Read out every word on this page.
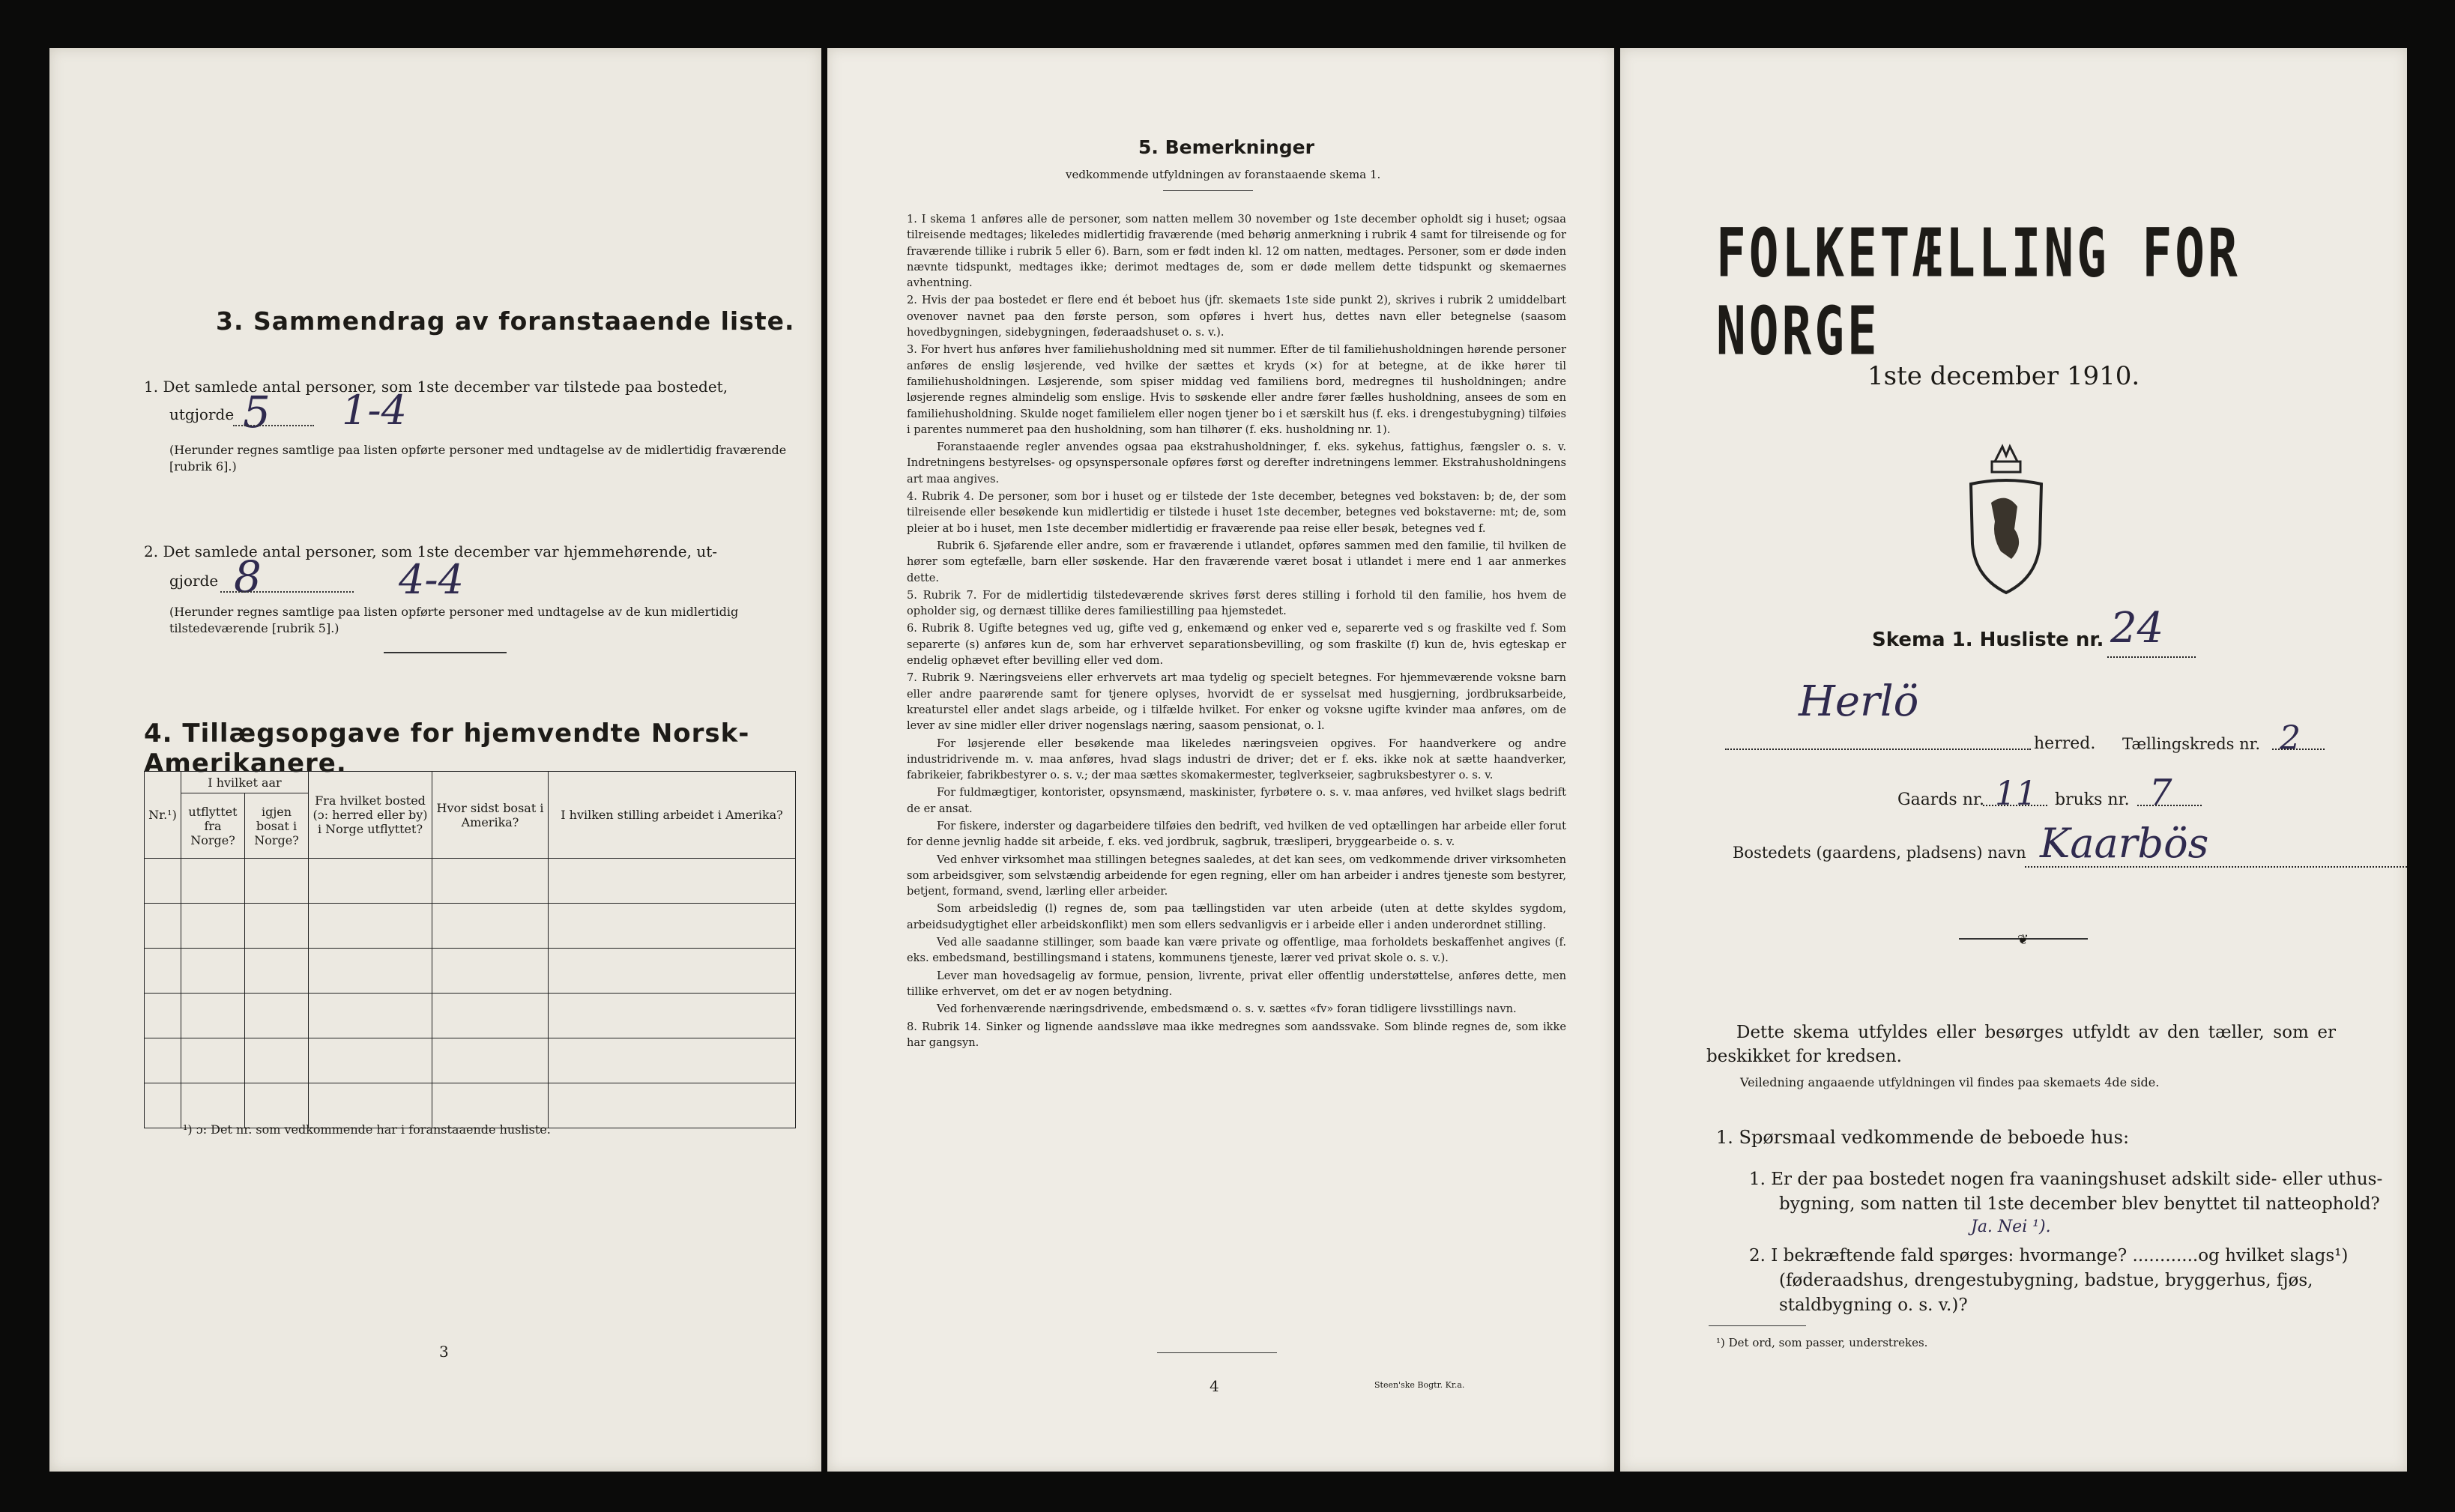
3. Sammendrag av foranstaaende liste.
1. Det samlede antal personer, som 1ste december var tilstede paa bostedet,
utgjorde 5 1-4
(Herunder regnes samtlige paa listen opførte personer med undtagelse av de midlertidig fraværende [rubrik 6].)
2. Det samlede antal personer, som 1ste december var hjemmehørende, ut-
gjorde 8	4-4
(Herunder regnes samtlige paa listen opførte personer med undtagelse av de kun midlertidig tilstedeværende [rubrik 5].)
4. Tillægsopgave for hjemvendte Norsk-Amerikanere.
Nr.¹)	I hvilket aar		Fra hvilket bosted (ɔ: herred eller by) i Norge utflyttet?	Hvor sidst bosat i Amerika?	I hvilken stilling arbeidet i Amerika?
	utflyttet fra Norge?	igjen bosat i Norge?			

¹) ɔ: Det nr. som vedkommende har i foranstaaende husliste.
3
5. Bemerkninger
vedkommende utfyldningen av foranstaaende skema 1.

1. I skema 1 anføres alle de personer, som natten mellem 30 november og 1ste december opholdt sig i huset; ogsaa tilreisende medtages; likeledes midlertidig fraværende (med behørig anmerkning i rubrik 4 samt for tilreisende og for fraværende tillike i rubrik 5 eller 6). Barn, som er født inden kl. 12 om natten, medtages. Personer, som er døde inden nævnte tidspunkt, medtages ikke; derimot medtages de, som er døde mellem dette tidspunkt og skemaernes avhentning.

2. Hvis der paa bostedet er flere end ét beboet hus (jfr. skemaets 1ste side punkt 2), skrives i rubrik 2 umiddelbart ovenover navnet paa den første person, som opføres i hvert hus, dettes navn eller betegnelse (saasom hovedbygningen, sidebygningen, føderaadshuset o. s. v.).

3. For hvert hus anføres hver familiehusholdning med sit nummer. Efter de til familiehusholdningen hørende personer anføres de enslig løsjerende, ved hvilke der sættes et kryds (×) for at betegne, at de ikke hører til familiehusholdningen. Løsjerende, som spiser middag ved familiens bord, medregnes til husholdningen; andre løsjerende regnes almindelig som enslige. Hvis to søskende eller andre fører fælles husholdning, ansees de som en familiehusholdning. Skulde noget familielem eller nogen tjener bo i et særskilt hus (f. eks. i drengestubygning) tilføies i parentes nummeret paa den husholdning, som han tilhører (f. eks. husholdning nr. 1).

Foranstaaende regler anvendes ogsaa paa ekstrahusholdninger, f. eks. sykehus, fattighus, fængsler o. s. v. Indretningens bestyrelses- og opsynspersonale opføres først og derefter indretningens lemmer. Ekstrahusholdningens art maa angives.

4. Rubrik 4. De personer, som bor i huset og er tilstede der 1ste december, betegnes ved bokstaven: b; de, der som tilreisende eller besøkende kun midlertidig er tilstede i huset 1ste december, betegnes ved bokstaverne: mt; de, som pleier at bo i huset, men 1ste december midlertidig er fraværende paa reise eller besøk, betegnes ved f.

Rubrik 6. Sjøfarende eller andre, som er fraværende i utlandet, opføres sammen med den familie, til hvilken de hører som egtefælle, barn eller søskende. Har den fraværende været bosat i utlandet i mere end 1 aar anmerkes dette.

5. Rubrik 7. For de midlertidig tilstedeværende skrives først deres stilling i forhold til den familie, hos hvem de opholder sig, og dernæst tillike deres familiestilling paa hjemstedet.

6. Rubrik 8. Ugifte betegnes ved ug, gifte ved g, enkemænd og enker ved e, separerte ved s og fraskilte ved f. Som separerte (s) anføres kun de, som har erhvervet separationsbevilling, og som fraskilte (f) kun de, hvis egteskap er endelig ophævet efter bevilling eller ved dom.

7. Rubrik 9. Næringsveiens eller erhvervets art maa tydelig og specielt betegnes. For hjemmeværende voksne barn eller andre paarørende samt for tjenere oplyses, hvorvidt de er sysselsat med husgjerning, jordbruksarbeide, kreaturstel eller andet slags arbeide, og i tilfælde hvilket. For enker og voksne ugifte kvinder maa anføres, om de lever av sine midler eller driver nogenslags næring, saasom pensionat, o. l.

For løsjerende eller besøkende maa likeledes næringsveien opgives. For haandverkere og andre industridrivende m. v. maa anføres, hvad slags industri de driver; det er f. eks. ikke nok at sætte haandverker, fabrikeier, fabrikbestyrer o. s. v.; der maa sættes skomakermester, teglverkseier, sagbruksbestyrer o. s. v.

For fuldmægtiger, kontorister, opsynsmænd, maskinister, fyrbøtere o. s. v. maa anføres, ved hvilket slags bedrift de er ansat.

For fiskere, inderster og dagarbeidere tilføies den bedrift, ved hvilken de ved optællingen har arbeide eller forut for denne jevnlig hadde sit arbeide, f. eks. ved jordbruk, sagbruk, træsliperi, bryggearbeide o. s. v.

Ved enhver virksomhet maa stillingen betegnes saaledes, at det kan sees, om vedkommende driver virksomheten som arbeidsgiver, som selvstændig arbeidende for egen regning, eller om han arbeider i andres tjeneste som bestyrer, betjent, formand, svend, lærling eller arbeider.

Som arbeidsledig (l) regnes de, som paa tællingstiden var uten arbeide (uten at dette skyldes sygdom, arbeidsudygtighet eller arbeidskonflikt) men som ellers sedvanligvis er i arbeide eller i anden underordnet stilling.

Ved alle saadanne stillinger, som baade kan være private og offentlige, maa forholdets beskaffenhet angives (f. eks. embedsmand, bestillingsmand i statens, kommunens tjeneste, lærer ved privat skole o. s. v.).

Lever man hovedsagelig av formue, pension, livrente, privat eller offentlig understøttelse, anføres dette, men tillike erhvervet, om det er av nogen betydning.

Ved forhenværende næringsdrivende, embedsmænd o. s. v. sættes «fv» foran tidligere livsstillings navn.

8. Rubrik 14. Sinker og lignende aandssløve maa ikke medregnes som aandssvake. Som blinde regnes de, som ikke har gangsyn.

4	Steen'ske Bogtr. Kr.a.
FOLKETÆLLING FOR NORGE
1ste december 1910.
Skema 1. Husliste nr. 24
Herlö
herred. Tællingskreds nr. 2
Gaards nr. 11 bruks nr. 7
Bostedets (gaardens, pladsens) navn Kaarbös
❦
Dette skema utfyldes eller besørges utfyldt av den tæller, som er beskikket for kredsen.
Veiledning angaaende utfyldningen vil findes paa skemaets 4de side.
1. Spørsmaal vedkommende de beboede hus:
1. Er der paa bostedet nogen fra vaaningshuset adskilt side- eller uthus-bygning, som natten til 1ste december blev benyttet til natteophold?
Ja. Nei ¹).
2. I bekræftende fald spørges: hvormange? ............og hvilket slags¹) (føderaadshus, drengestubygning, badstue, bryggerhus, fjøs, staldbygning o. s. v.)?
¹) Det ord, som passer, understrekes.
